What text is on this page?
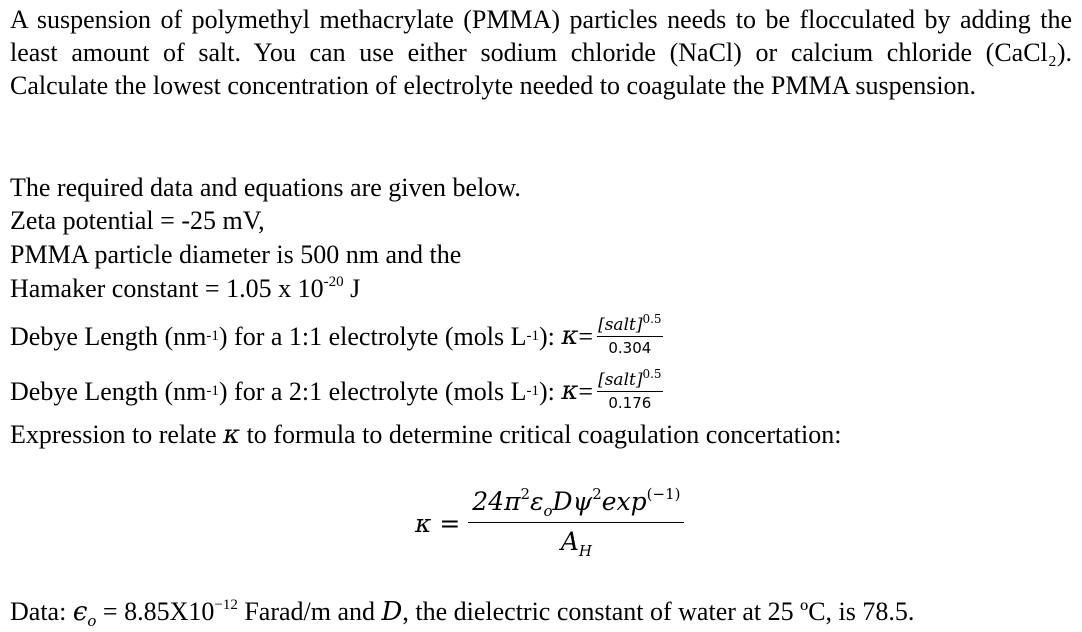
A suspension of polymethyl methacrylate (PMMA) particles needs to be flocculated by adding the least amount of salt. You can use either sodium chloride (NaCl) or calcium chloride (CaCl₂). Calculate the lowest concentration of electrolyte needed to coagulate the PMMA suspension.
The required data and equations are given below.
Zeta potential = -25 mV,
PMMA particle diameter is 500 nm and the
Hamaker constant = 1.05 x $10^{-20}$ J
Debye Length (nm -1 ) for a 1:1 electrolyte (mols L -1 ):
$\kappa = \frac{[salt]^{0.5}}{0.304}$
Debye Length (nm -1 ) for a 2:1 electrolyte (mols L -1 ):
$\kappa = \frac{[salt]^{0.5}}{0.176}$
Expression to relate κ to formula to determine critical coagulation concertation:
$\kappa = \frac{24\pi^2\varepsilon_oD\psi^2\exp^{(-1)}}{A_H}$
Data: $\epsilon_o = 8.85X10^{-12}$ Farad/m and D, the dielectric constant of water at 25 ºC, is 78.5.
